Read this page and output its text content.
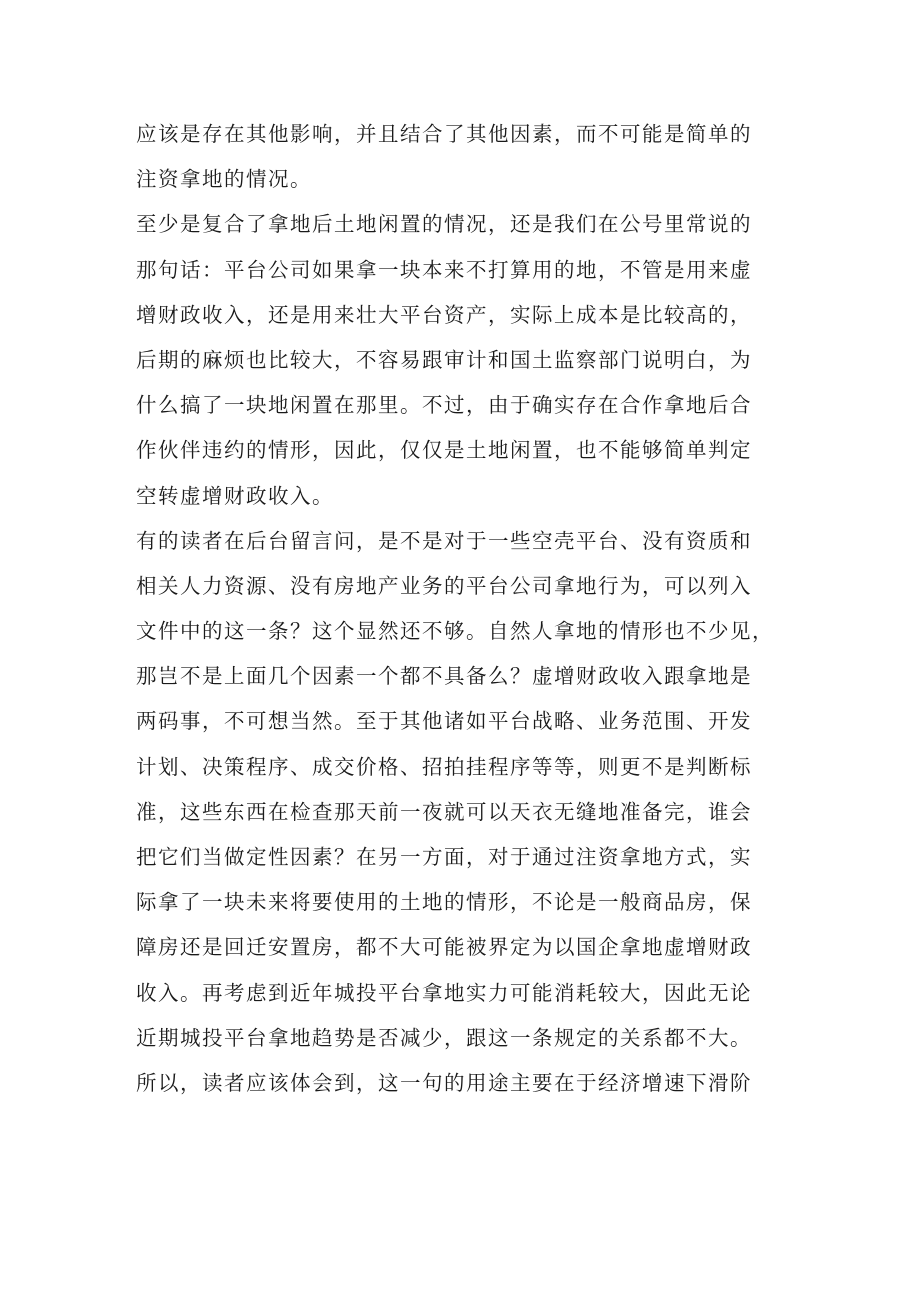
应该是存在其他影响，并且结合了其他因素，而不可能是简单的
注资拿地的情况。
至少是复合了拿地后土地闲置的情况，还是我们在公号里常说的
那句话：平台公司如果拿一块本来不打算用的地，不管是用来虚
增财政收入，还是用来壮大平台资产，实际上成本是比较高的，
后期的麻烦也比较大，不容易跟审计和国土监察部门说明白，为
什么搞了一块地闲置在那里。不过，由于确实存在合作拿地后合
作伙伴违约的情形，因此，仅仅是土地闲置，也不能够简单判定
空转虚增财政收入。
有的读者在后台留言问，是不是对于一些空壳平台、没有资质和
相关人力资源、没有房地产业务的平台公司拿地行为，可以列入
文件中的这一条？这个显然还不够。自然人拿地的情形也不少见，
那岂不是上面几个因素一个都不具备么？虚增财政收入跟拿地是
两码事，不可想当然。至于其他诸如平台战略、业务范围、开发
计划、决策程序、成交价格、招拍挂程序等等，则更不是判断标
准，这些东西在检查那天前一夜就可以天衣无缝地准备完，谁会
把它们当做定性因素？在另一方面，对于通过注资拿地方式，实
际拿了一块未来将要使用的土地的情形，不论是一般商品房，保
障房还是回迁安置房，都不大可能被界定为以国企拿地虚增财政
收入。再考虑到近年城投平台拿地实力可能消耗较大，因此无论
近期城投平台拿地趋势是否减少，跟这一条规定的关系都不大。
所以，读者应该体会到，这一句的用途主要在于经济增速下滑阶
